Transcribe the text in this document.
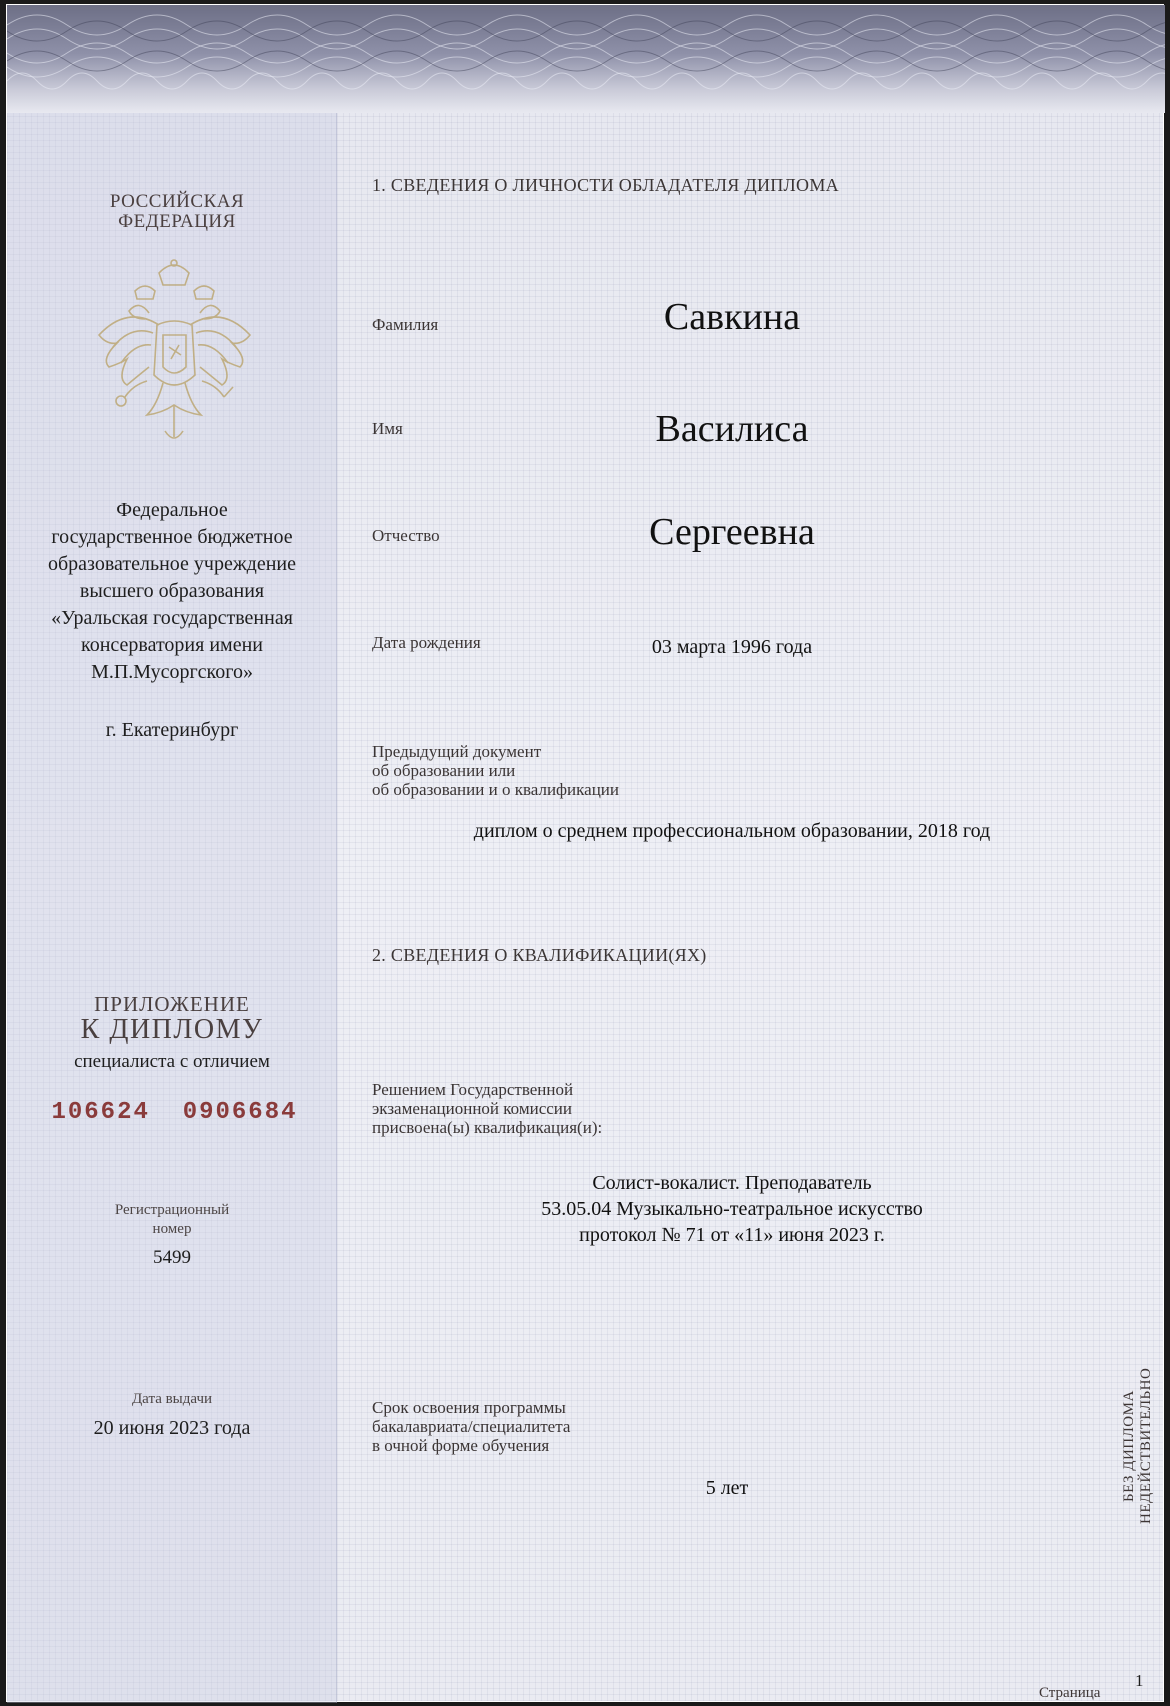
РОССИЙСКАЯ
ФЕДЕРАЦИЯ
Федеральное
государственное бюджетное
образовательное учреждение
высшего образования
«Уральская государственная
консерватория имени
М.П.Мусоргского»
г. Екатеринбург
ПРИЛОЖЕНИЕ
К ДИПЛОМУ
специалиста с отличием
106624  0906684
Регистрационный
номер
5499
Дата выдачи
20 июня 2023 года
1. СВЕДЕНИЯ О ЛИЧНОСТИ ОБЛАДАТЕЛЯ ДИПЛОМА
Фамилия	Савкина
Имя	Василиса
Отчество	Сергеевна
Дата рождения	03 марта 1996 года
Предыдущий документ
об образовании или
об образовании и о квалификации
диплом о среднем профессиональном образовании, 2018 год
2. СВЕДЕНИЯ О КВАЛИФИКАЦИИ(ЯХ)
Решением Государственной
экзаменационной комиссии
присвоена(ы) квалификация(и):
Солист-вокалист. Преподаватель
53.05.04 Музыкально-театральное искусство
протокол № 71 от «11» июня 2023 г.
Срок освоения программы
бакалавриата/специалитета
в очной форме обучения
5 лет	БЕЗ ДИПЛОМА НЕДЕЙСТВИТЕЛЬНО
Страница
1
